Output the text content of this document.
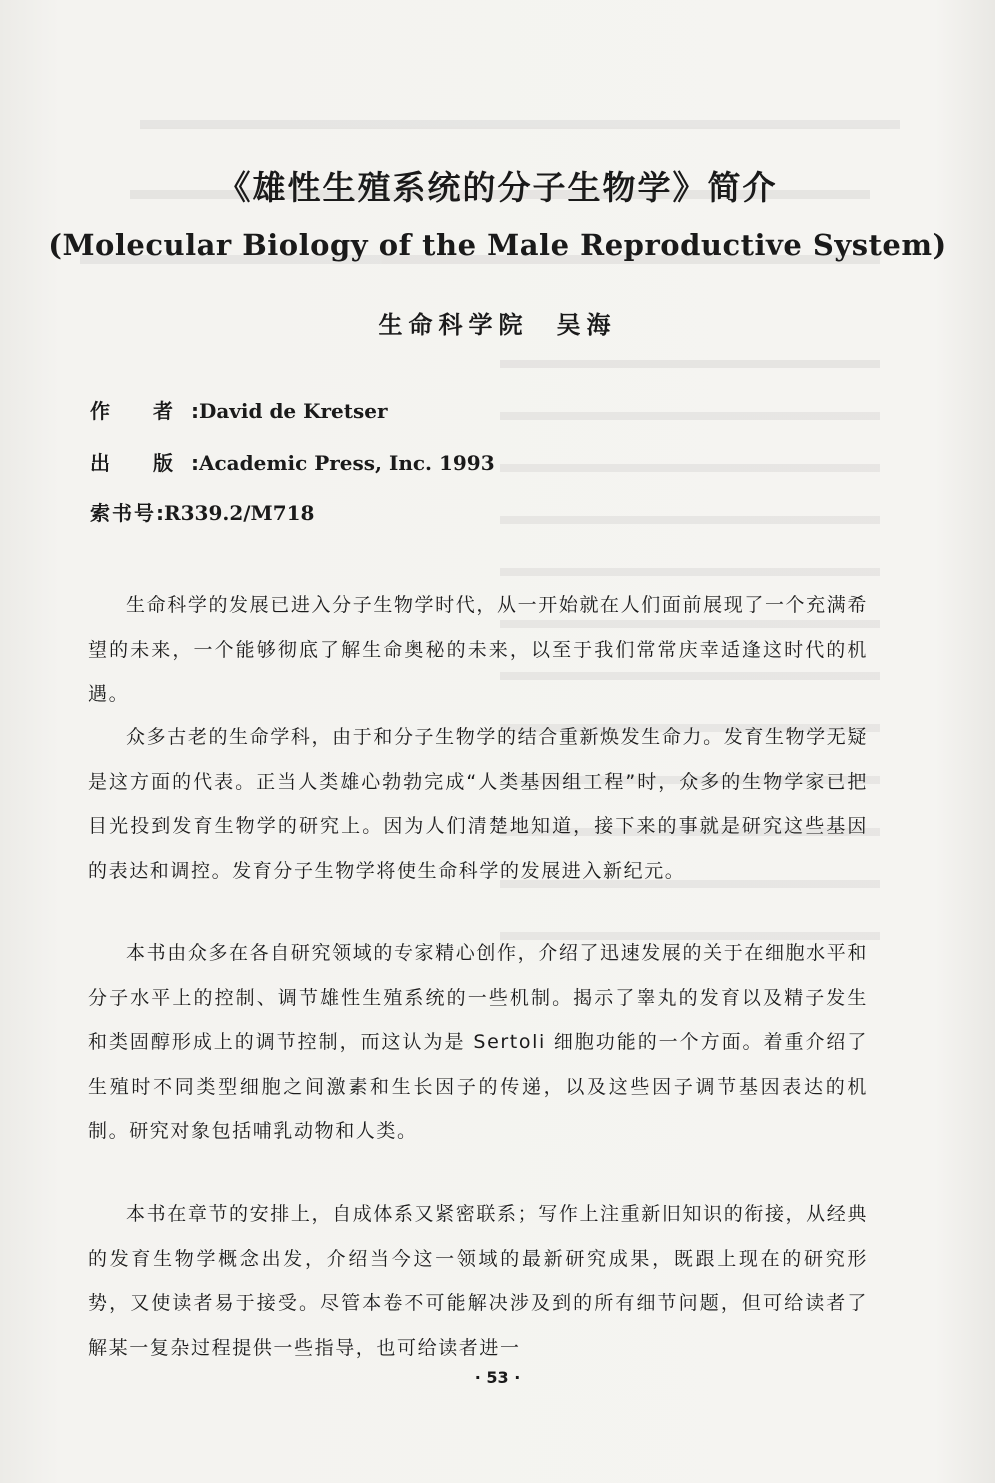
《雄性生殖系统的分子生物学》简介
(Molecular Biology of the Male Reproductive System)
生命科学院 吴海
作 者:David de Kretser
出 版:Academic Press, Inc. 1993
索书号:R339.2/M718

生命科学的发展已进入分子生物学时代，从一开始就在人们面前展现了一个充满希望的未来，一个能够彻底了解生命奥秘的未来，以至于我们常常庆幸适逢这时代的机遇。

众多古老的生命学科，由于和分子生物学的结合重新焕发生命力。发育生物学无疑是这方面的代表。正当人类雄心勃勃完成“人类基因组工程”时，众多的生物学家已把目光投到发育生物学的研究上。因为人们清楚地知道，接下来的事就是研究这些基因的表达和调控。发育分子生物学将使生命科学的发展进入新纪元。

本书由众多在各自研究领域的专家精心创作，介绍了迅速发展的关于在细胞水平和分子水平上的控制、调节雄性生殖系统的一些机制。揭示了睾丸的发育以及精子发生和类固醇形成上的调节控制，而这认为是 Sertoli 细胞功能的一个方面。着重介绍了生殖时不同类型细胞之间激素和生长因子的传递，以及这些因子调节基因表达的机制。研究对象包括哺乳动物和人类。

本书在章节的安排上，自成体系又紧密联系；写作上注重新旧知识的衔接，从经典的发育生物学概念出发，介绍当今这一领域的最新研究成果，既跟上现在的研究形势，又使读者易于接受。尽管本卷不可能解决涉及到的所有细节问题，但可给读者了解某一复杂过程提供一些指导，也可给读者进一

· 53 ·
